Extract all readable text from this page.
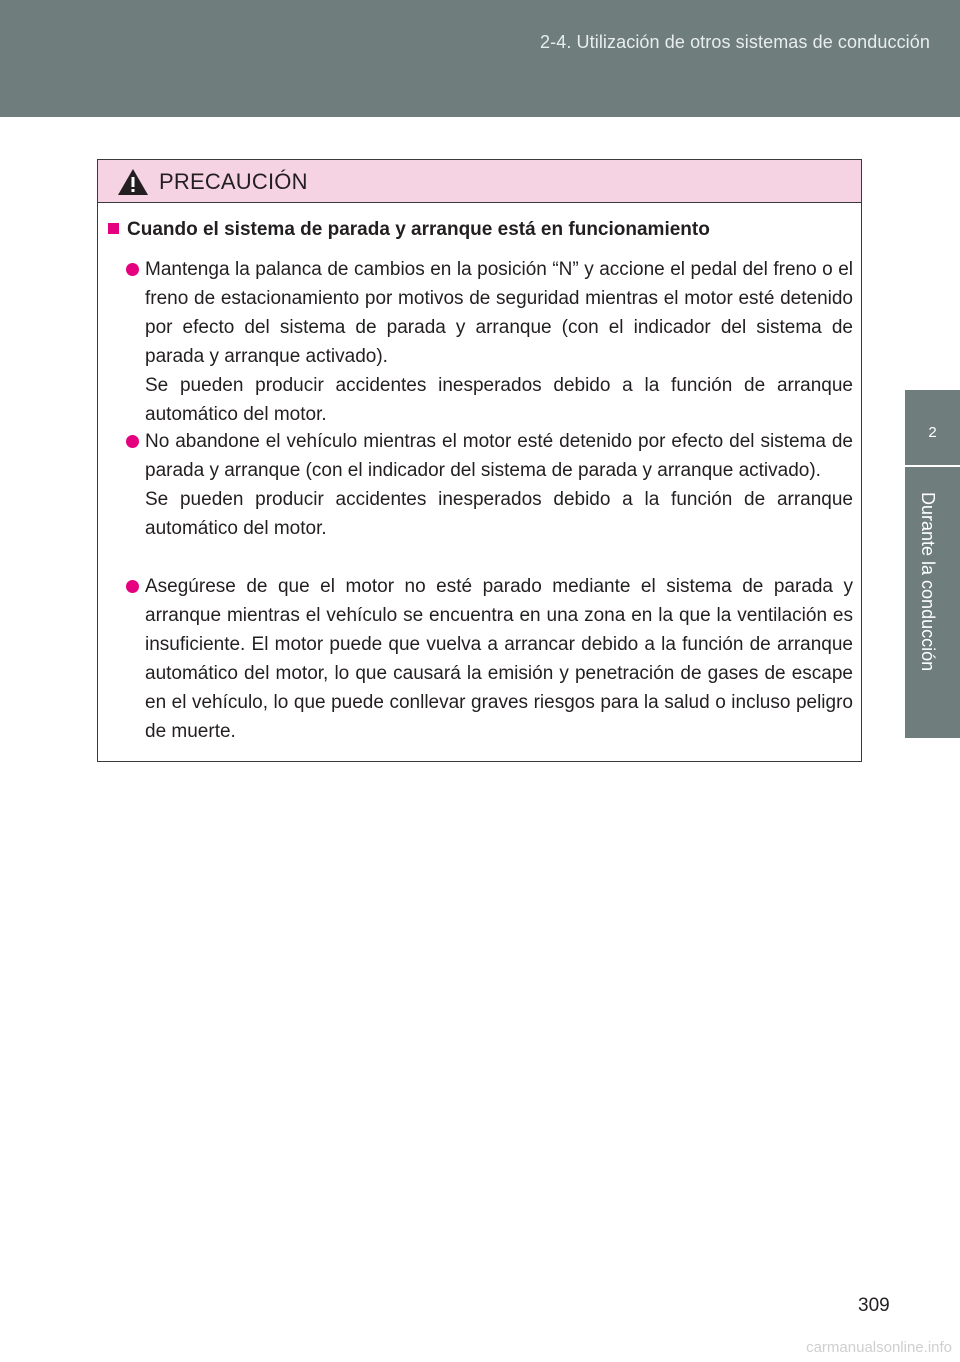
2-4. Utilización de otros sistemas de conducción
2
Durante la conducción
PRECAUCIÓN
Cuando el sistema de parada y arranque está en funcionamiento

Mantenga la palanca de cambios en la posición “N” y accione el pedal del freno o el freno de estacionamiento por motivos de seguridad mientras el motor esté detenido por efecto del sistema de parada y arranque (con el indicador del sistema de parada y arranque activado).

Se pueden producir accidentes inesperados debido a la función de arranque automático del motor.

No abandone el vehículo mientras el motor esté detenido por efecto del sistema de parada y arranque (con el indicador del sistema de parada y arranque activado).

Se pueden producir accidentes inesperados debido a la función de arranque automático del motor.

Asegúrese de que el motor no esté parado mediante el sistema de parada y arranque mientras el vehículo se encuentra en una zona en la que la ventilación es insuficiente. El motor puede que vuelva a arrancar debido a la función de arranque automático del motor, lo que causará la emisión y penetración de gases de escape en el vehículo, lo que puede conllevar graves riesgos para la salud o incluso peligro de muerte.

309
carmanualsonline.info
